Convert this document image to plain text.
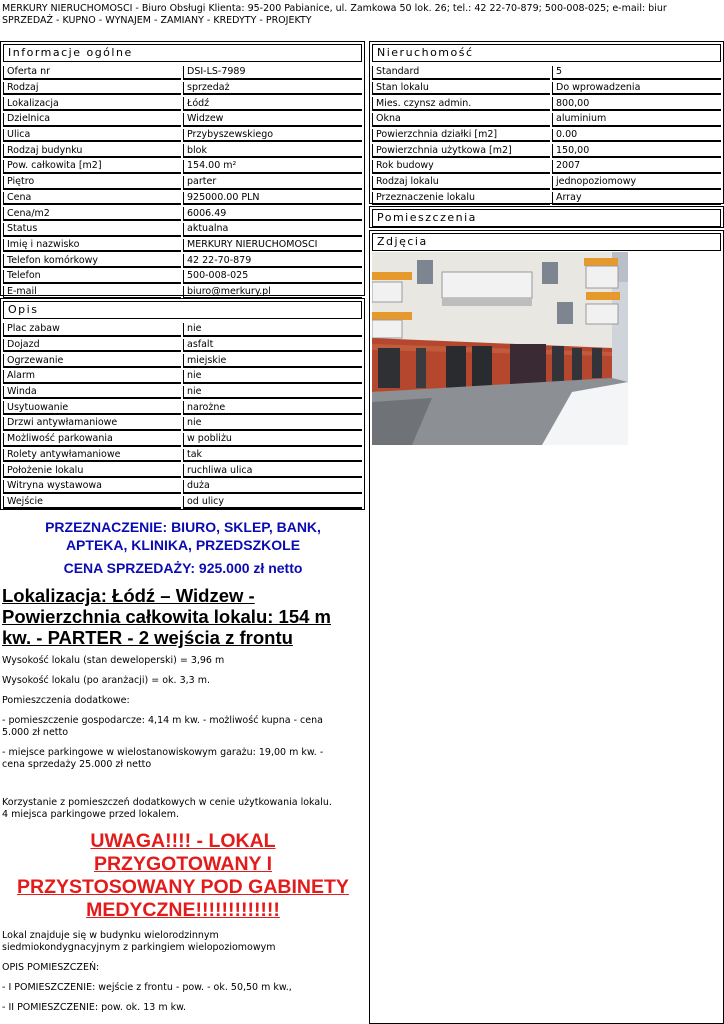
MERKURY NIERUCHOMOŚCI - Biuro Obsługi Klienta: 95-200 Pabianice, ul. Zamkowa 50 lok. 26; tel.: 42 22-70-879; 500-008-025; e-mail: biur
SPRZEDAŻ - KUPNO - WYNAJEM - ZAMIANY - KREDYTY - PROJEKTY
Informacje ogólne
Oferta nr	DSI-LS-7989
Rodzaj	sprzedaż
Lokalizacja	Łódź
Dzielnica	Widzew
Ulica	Przybyszewskiego
Rodzaj budynku	blok
Pow. całkowita [m2]	154.00 m²
Piętro	parter
Cena	925000.00 PLN
Cena/m2	6006.49
Status	aktualna
Imię i nazwisko	MERKURY NIERUCHOMOŚCI
Telefon komórkowy	42 22-70-879
Telefon	500-008-025
E-mail	biuro@merkury.pl
Nieruchomość
Standard	5
Stan lokalu	Do wprowadzenia
Mies. czynsz admin.	800,00
Okna	aluminium
Powierzchnia działki [m2]	0.00
Powierzchnia użytkowa [m2]	150,00
Rok budowy	2007
Rodzaj lokalu	jednopoziomowy
Przeznaczenie lokalu	Array
Pomieszczenia
Zdjęcia
Opis
Plac zabaw	nie
Dojazd	asfalt
Ogrzewanie	miejskie
Alarm	nie
Winda	nie
Usytuowanie	narożne
Drzwi antywłamaniowe	nie
Możliwość parkowania	w pobliżu
Rolety antywłamaniowe	tak
Położenie lokalu	ruchliwa ulica
Witryna wystawowa	duża
Wejście	od ulicy
PRZEZNACZENIE: BIURO, SKLEP, BANK,
APTEKA, KLINIKA, PRZEDSZKOLE
CENA SPRZEDAŻY: 925.000 zł netto
Lokalizacja: Łódź – Widzew -
Powierzchnia całkowita lokalu: 154 m
kw. - PARTER - 2 wejścia z frontu
Wysokość lokalu (stan deweloperski) = 3,96 m
Wysokość lokalu (po aranżacji) = ok. 3,3 m.
Pomieszczenia dodatkowe:
- pomieszczenie gospodarcze: 4,14 m kw. - możliwość kupna - cena
5.000 zł netto
- miejsce parkingowe w wielostanowiskowym garażu: 19,00 m kw. -
cena sprzedaży 25.000 zł netto
Korzystanie z pomieszczeń dodatkowych w cenie użytkowania lokalu.
4 miejsca parkingowe przed lokalem.
UWAGA!!!! - LOKAL
PRZYGOTOWANY I
PRZYSTOSOWANY POD GABINETY
MEDYCZNE!!!!!!!!!!!!!
Lokal znajduje się w budynku wielorodzinnym
siedmiokondygnacyjnym z parkingiem wielopoziomowym
OPIS POMIESZCZEŃ:
- I POMIESZCZENIE: wejście z frontu - pow. - ok. 50,50 m kw.,
- II POMIESZCZENIE: pow. ok. 13 m kw.
